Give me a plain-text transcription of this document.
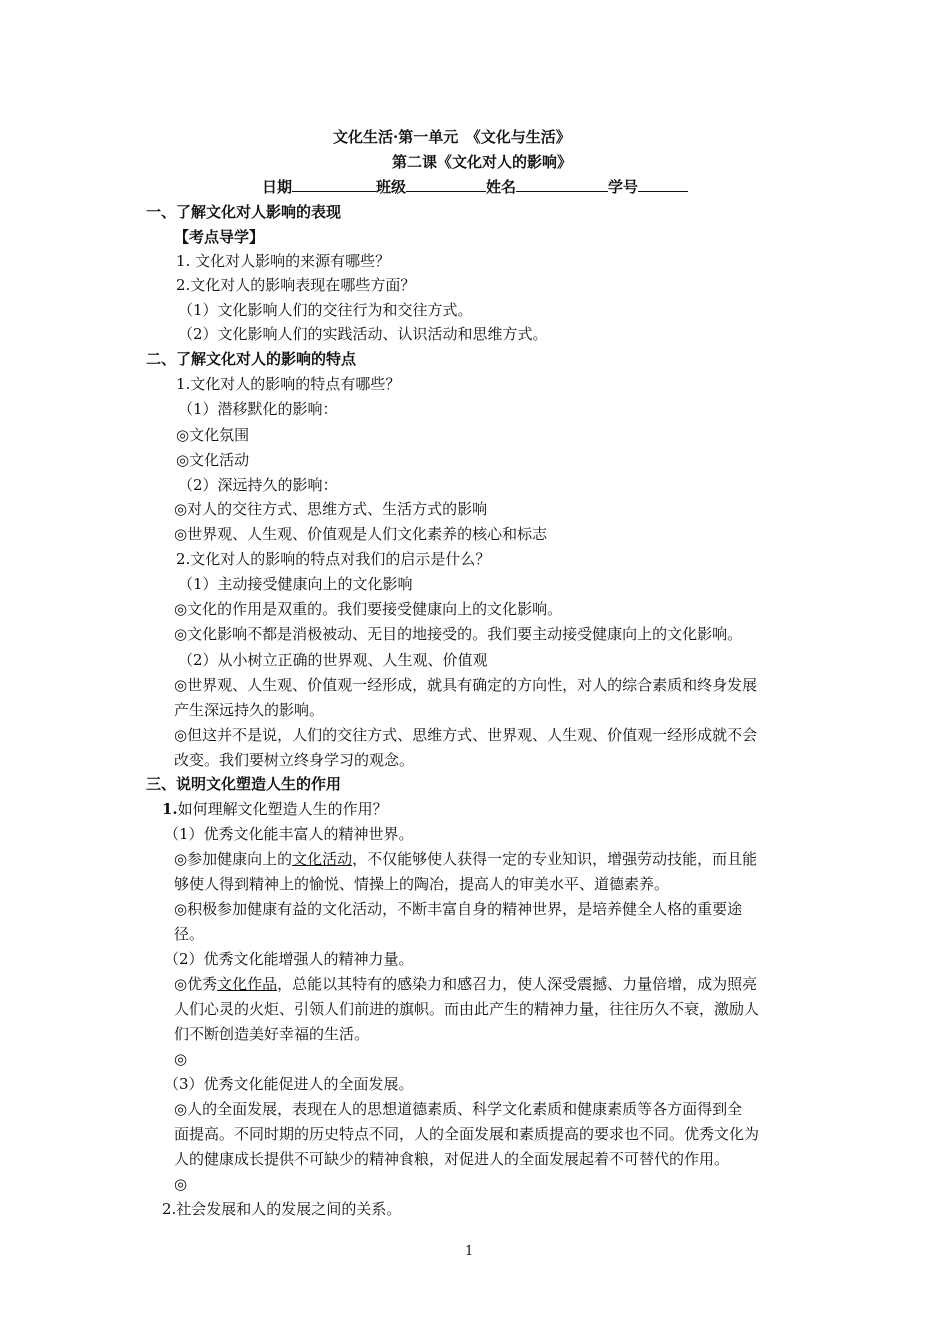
文化生活·第一单元　《文化与生活》
第二课《文化对人的影响》
日期	班级	姓名	学号
一、了解文化对人影响的表现
【考点导学】
1. 文化对人影响的来源有哪些？
2.文化对人的影响表现在哪些方面？
（1）文化影响人们的交往行为和交往方式。
（2）文化影响人们的实践活动、认识活动和思维方式。
二、了解文化对人的影响的特点
1.文化对人的影响的特点有哪些？
（1）潜移默化的影响：
◎文化氛围
◎文化活动
（2）深远持久的影响：
◎对人的交往方式、思维方式、生活方式的影响
◎世界观、人生观、价值观是人们文化素养的核心和标志
2.文化对人的影响的特点对我们的启示是什么？
（1）主动接受健康向上的文化影响
◎文化的作用是双重的。我们要接受健康向上的文化影响。
◎文化影响不都是消极被动、无目的地接受的。我们要主动接受健康向上的文化影响。
（2）从小树立正确的世界观、人生观、价值观
◎世界观、人生观、价值观一经形成，就具有确定的方向性，对人的综合素质和终身发展
产生深远持久的影响。
◎但这并不是说，人们的交往方式、思维方式、世界观、人生观、价值观一经形成就不会
改变。我们要树立终身学习的观念。
三、说明文化塑造人生的作用
1.如何理解文化塑造人生的作用？
（1）优秀文化能丰富人的精神世界。
◎参加健康向上的文化活动，不仅能够使人获得一定的专业知识，增强劳动技能，而且能
够使人得到精神上的愉悦、情操上的陶冶，提高人的审美水平、道德素养。
◎积极参加健康有益的文化活动，不断丰富自身的精神世界，是培养健全人格的重要途
径。
（2）优秀文化能增强人的精神力量。
◎优秀文化作品，总能以其特有的感染力和感召力，使人深受震撼、力量倍增，成为照亮
人们心灵的火炬、引领人们前进的旗帜。而由此产生的精神力量，往往历久不衰，激励人
们不断创造美好幸福的生活。
◎
（3）优秀文化能促进人的全面发展。
◎人的全面发展，表现在人的思想道德素质、科学文化素质和健康素质等各方面得到全
面提高。不同时期的历史特点不同，人的全面发展和素质提高的要求也不同。优秀文化为
人的健康成长提供不可缺少的精神食粮，对促进人的全面发展起着不可替代的作用。
◎
2.社会发展和人的发展之间的关系。
1
